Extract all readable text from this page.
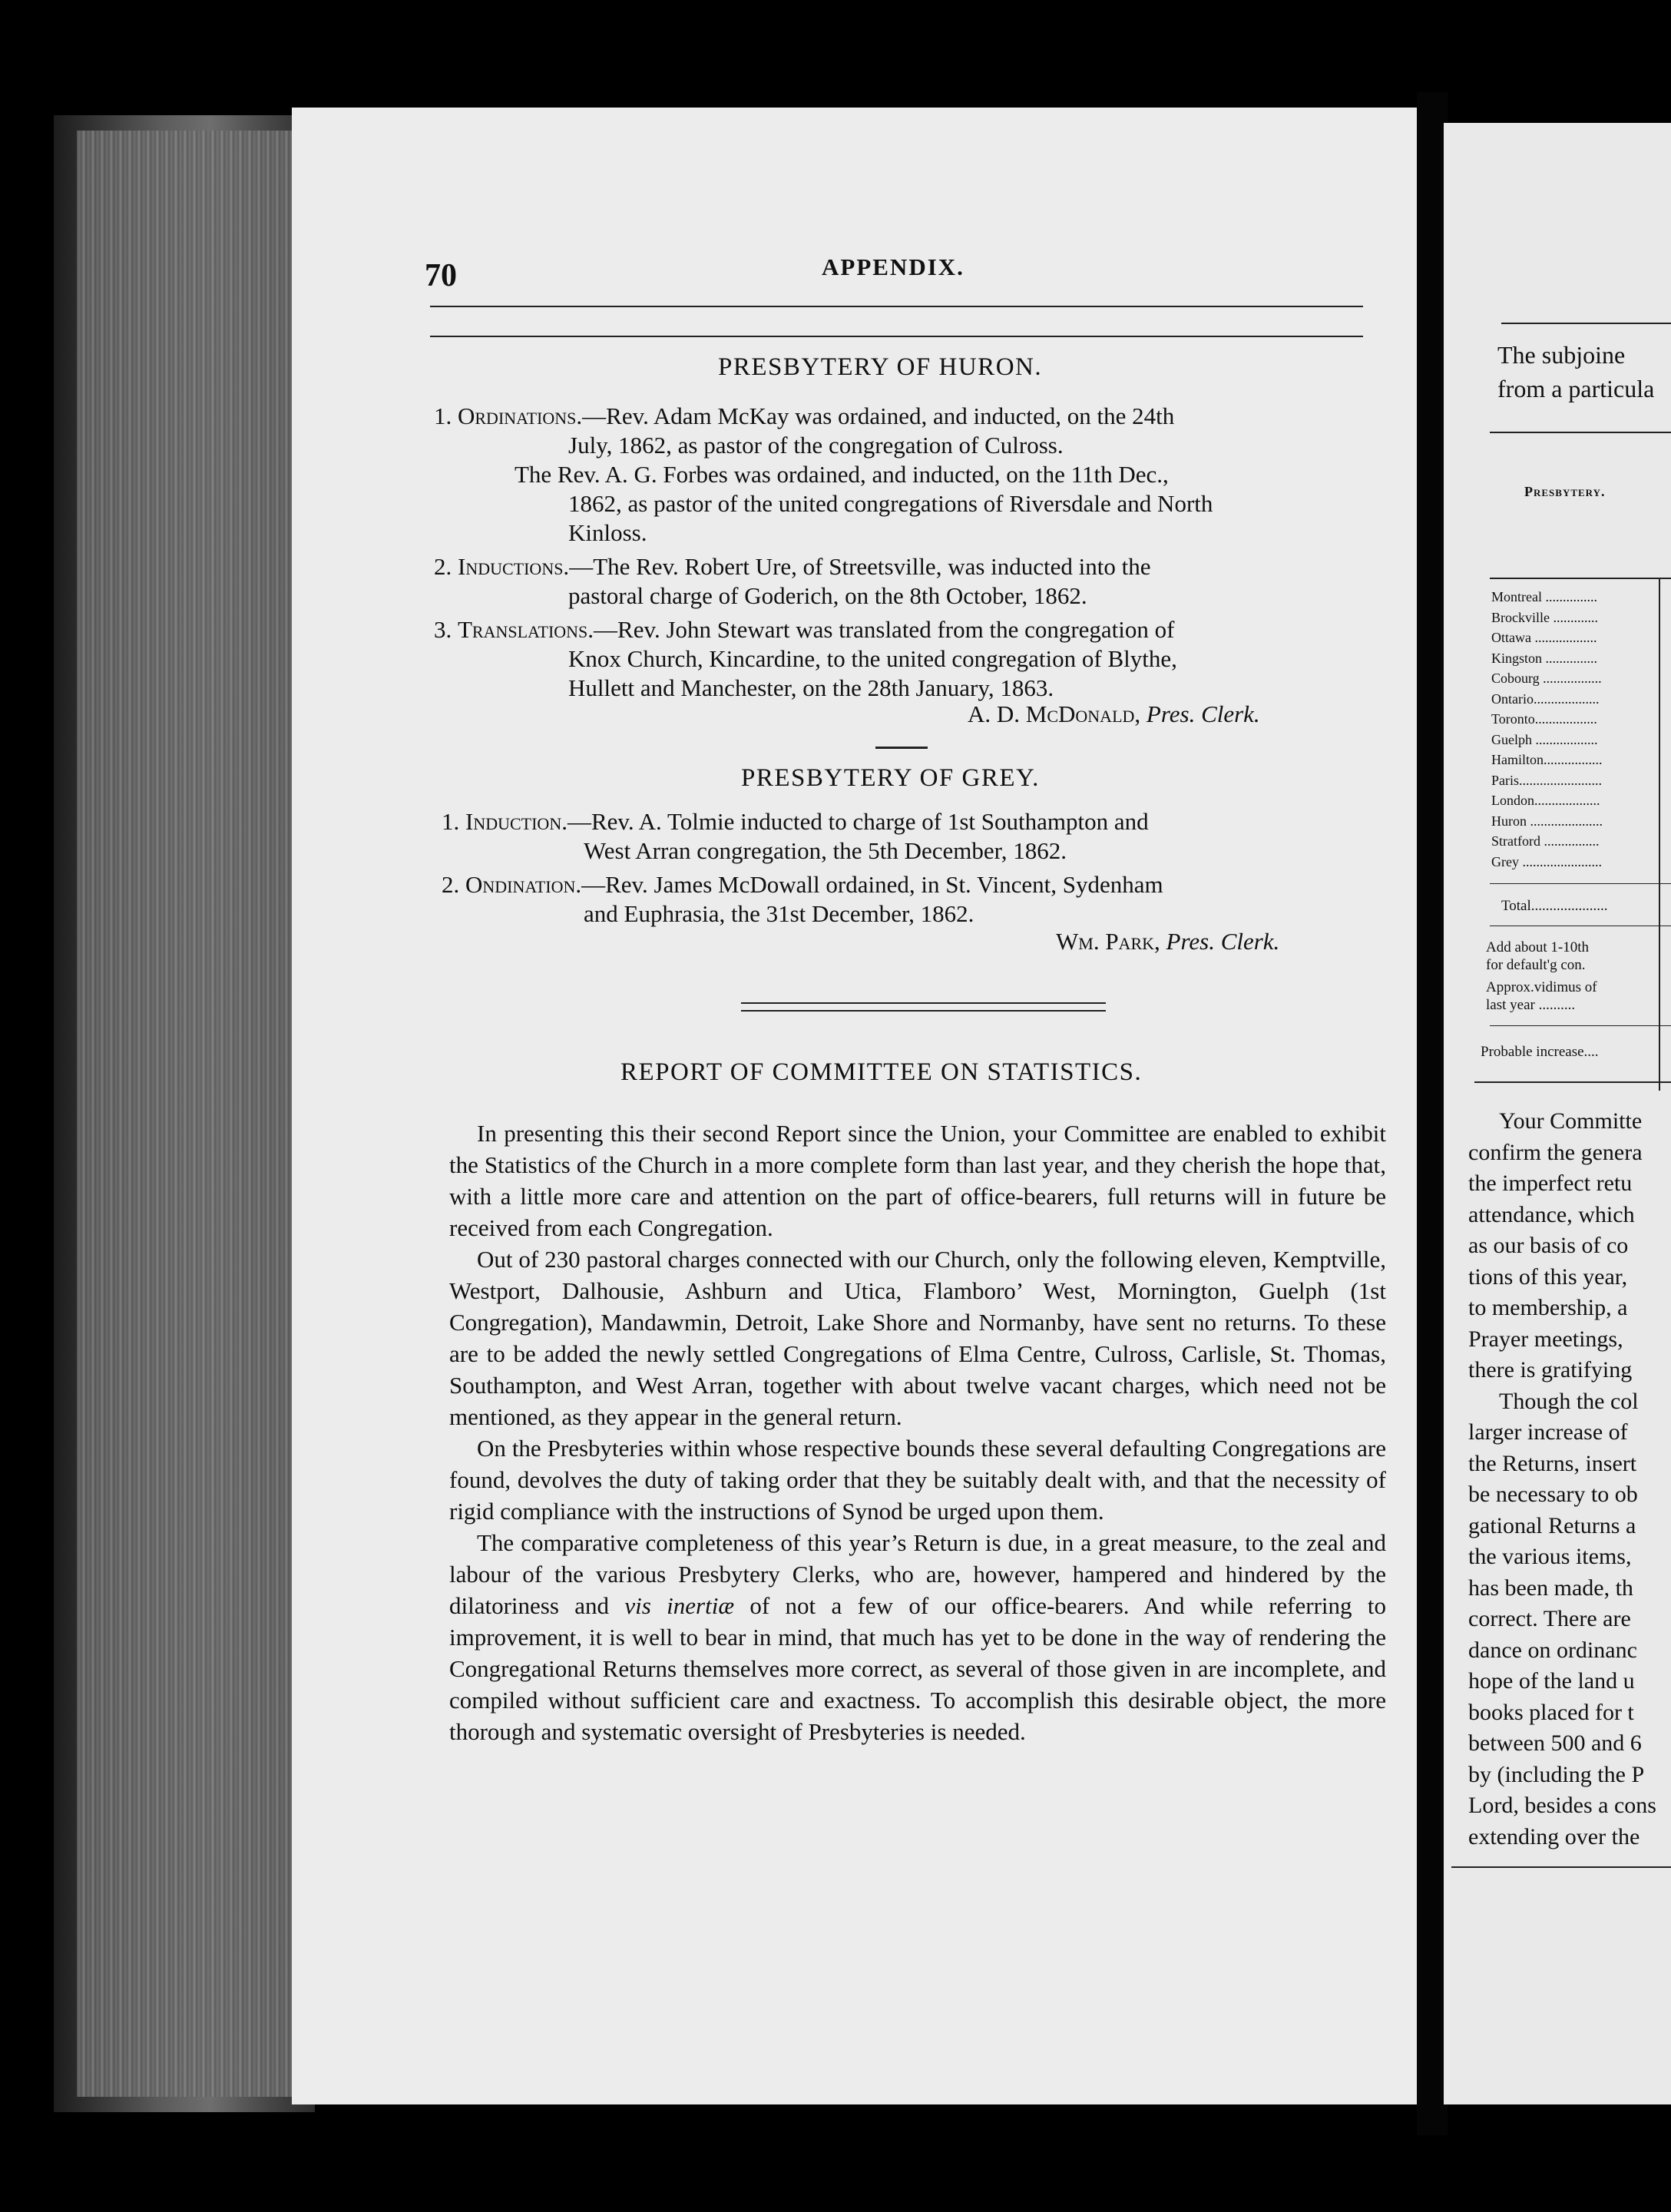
70	APPENDIX.
PRESBYTERY OF HURON.
1. Ordinations.—Rev. Adam McKay was ordained, and inducted, on the 24th
July, 1862, as pastor of the congregation of Culross.
The Rev. A. G. Forbes was ordained, and inducted, on the 11th Dec.,
1862, as pastor of the united congregations of Riversdale and North
Kinloss.
2. Inductions.—The Rev. Robert Ure, of Streetsville, was inducted into the
pastoral charge of Goderich, on the 8th October, 1862.
3. Translations.—Rev. John Stewart was translated from the congregation of
Knox Church, Kincardine, to the united congregation of Blythe,
Hullett and Manchester, on the 28th January, 1863.
A. D. McDonald, Pres. Clerk.
PRESBYTERY OF GREY.
1. Induction.—Rev. A. Tolmie inducted to charge of 1st Southampton and
West Arran congregation, the 5th December, 1862.
2. Ondination.—Rev. James McDowall ordained, in St. Vincent, Sydenham
and Euphrasia, the 31st December, 1862.
Wm. Park, Pres. Clerk.
REPORT OF COMMITTEE ON STATISTICS.

In presenting this their second Report since the Union, your Committee are enabled to exhibit the Statistics of the Church in a more complete form than last year, and they cherish the hope that, with a little more care and attention on the part of office-bearers, full returns will in future be received from each Congregation.

Out of 230 pastoral charges connected with our Church, only the following eleven, Kemptville, Westport, Dalhousie, Ashburn and Utica, Flamboro’ West, Mornington, Guelph (1st Congregation), Mandawmin, Detroit, Lake Shore and Normanby, have sent no returns. To these are to be added the newly settled Congregations of Elma Centre, Culross, Carlisle, St. Thomas, Southampton, and West Arran, together with about twelve vacant charges, which need not be mentioned, as they appear in the general return.

On the Presbyteries within whose respective bounds these several defaulting Congregations are found, devolves the duty of taking order that they be suitably dealt with, and that the necessity of rigid compliance with the instructions of Synod be urged upon them.

The comparative completeness of this year’s Return is due, in a great measure, to the zeal and labour of the various Presbytery Clerks, who are, however, hampered and hindered by the dilatoriness and vis inertiæ of not a few of our office-bearers. And while referring to improvement, it is well to bear in mind, that much has yet to be done in the way of rendering the Congregational Returns themselves more correct, as several of those given in are incomplete, and compiled without sufficient care and exactness. To accomplish this desirable object, the more thorough and systematic oversight of Presbyteries is needed.

The subjoine
from a particula
Presbytery.
Montreal ...............
Brockville .............
Ottawa ..................
Kingston ...............
Cobourg .................
Ontario...................
Toronto..................
Guelph ..................
Hamilton.................
Paris........................
London...................
Huron .....................
Stratford ................
Grey .......................
Total.....................
Add about 1-10th
for default'g con.
Approx.vidimus of
last year ..........
Probable increase....
Your Committe
confirm the genera
the imperfect retu
attendance, which
as our basis of co
tions of this year,
to membership, a
Prayer meetings,
there is gratifying
Though the col
larger increase of
the Returns, insert
be necessary to ob
gational Returns a
the various items,
has been made, th
correct. There are
dance on ordinanc
hope of the land u
books placed for t
between 500 and 6
by (including the P
Lord, besides a cons
extending over the
